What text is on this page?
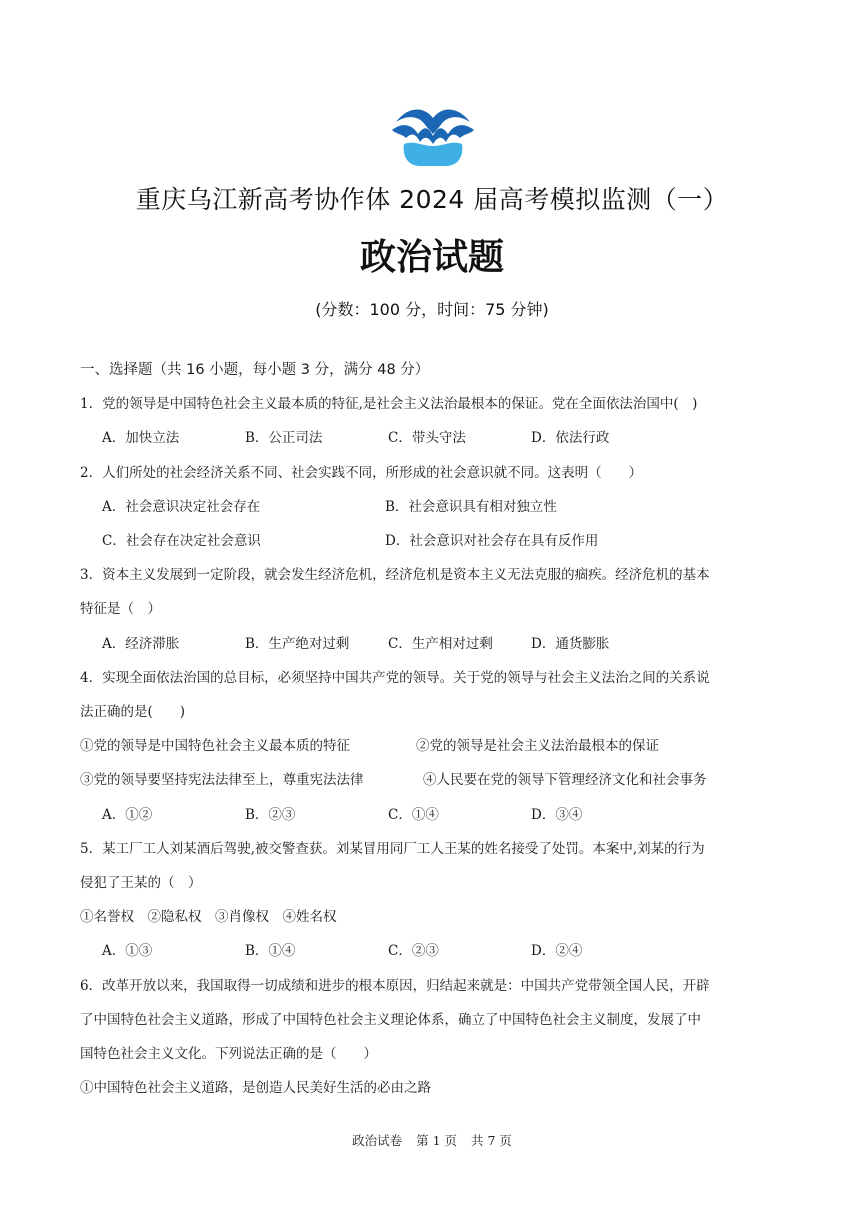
重庆乌江新高考协作体 2024 届高考模拟监测（一）
政治试题
(分数：100 分，时间：75 分钟)
一、选择题（共 16 小题，每小题 3 分，满分 48 分）
1．党的领导是中国特色社会主义最本质的特征,是社会主义法治最根本的保证。党在全面依法治国中(　)
A．加快立法	B．公正司法	C．带头守法	D．依法行政
2．人们所处的社会经济关系不同、社会实践不同，所形成的社会意识就不同。这表明（　　）
A．社会意识决定社会存在	B．社会意识具有相对独立性
C．社会存在决定社会意识	D．社会意识对社会存在具有反作用
3．资本主义发展到一定阶段，就会发生经济危机，经济危机是资本主义无法克服的痼疾。经济危机的基本
特征是（　）
A．经济滞胀	B．生产绝对过剩	C．生产相对过剩	D．通货膨胀
4．实现全面依法治国的总目标，必须坚持中国共产党的领导。关于党的领导与社会主义法治之间的关系说
法正确的是(　　)
①党的领导是中国特色社会主义最本质的特征	②党的领导是社会主义法治最根本的保证
③党的领导要坚持宪法法律至上，尊重宪法法律	④人民要在党的领导下管理经济文化和社会事务
A．①②	B．②③	C．①④	D．③④
5．某工厂工人刘某酒后驾驶,被交警查获。刘某冒用同厂工人王某的姓名接受了处罚。本案中,刘某的行为
侵犯了王某的（　）
①名誉权　②隐私权　③肖像权　④姓名权
A．①③	B．①④	C．②③	D．②④
6．改革开放以来，我国取得一切成绩和进步的根本原因，归结起来就是：中国共产党带领全国人民，开辟
了中国特色社会主义道路，形成了中国特色社会主义理论体系，确立了中国特色社会主义制度，发展了中
国特色社会主义文化。下列说法正确的是（　　）
①中国特色社会主义道路，是创造人民美好生活的必由之路
政治试卷 第 1 页 共 7 页
